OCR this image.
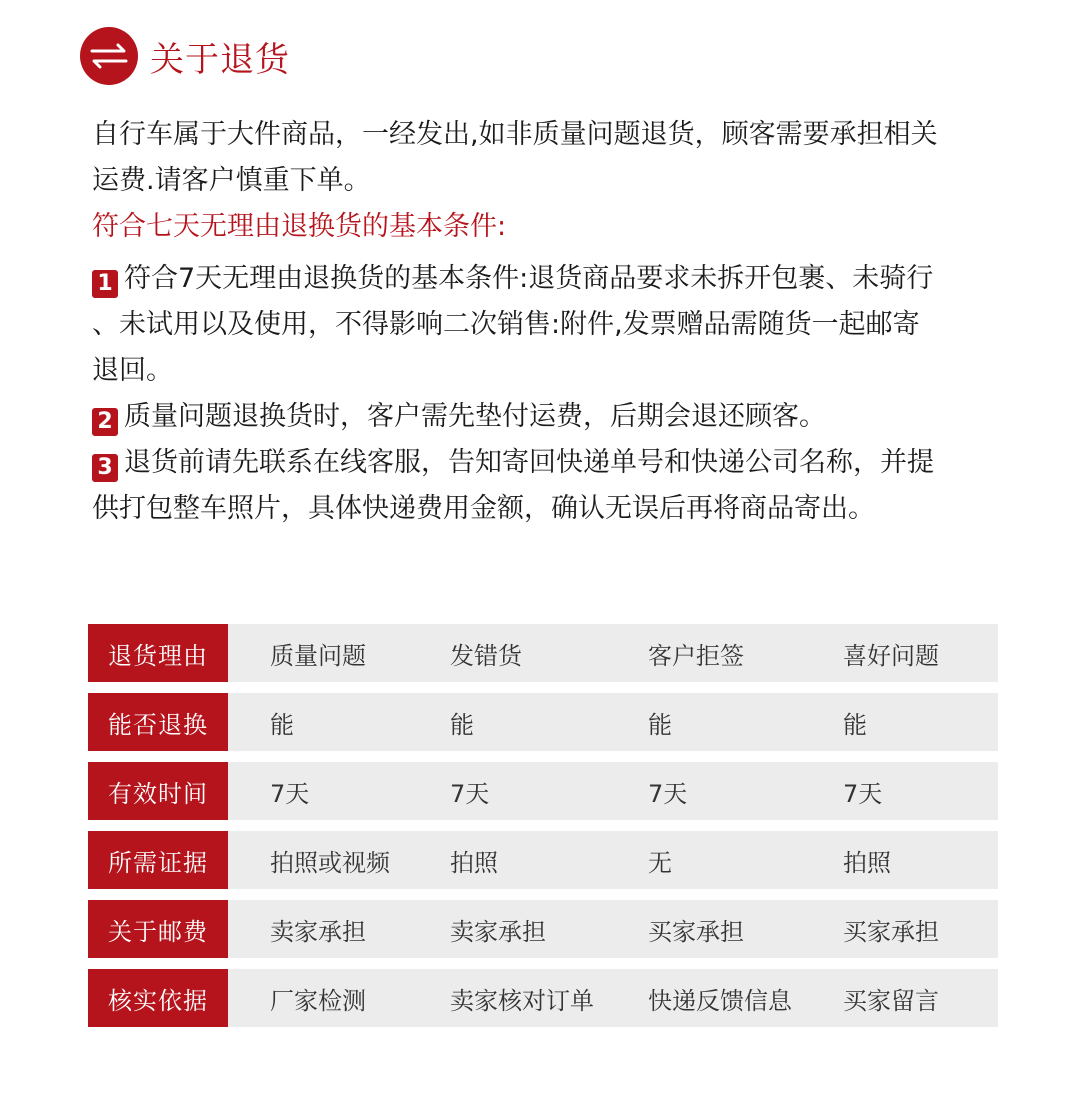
关于退货

自行车属于大件商品，一经发出,如非质量问题退货，顾客需要承担相关

运费.请客户慎重下单。

符合七天无理由退换货的基本条件:

1 符合7天无理由退换货的基本条件:退货商品要求未拆开包裹、未骑行

、未试用以及使用，不得影响二次销售:附件,发票赠品需随货一起邮寄

退回。

2 质量问题退换货时，客户需先垫付运费，后期会退还顾客。

3 退货前请先联系在线客服，告知寄回快递单号和快递公司名称，并提

供打包整车照片，具体快递费用金额，确认无误后再将商品寄出。

退货理由	质量问题	发错货	客户拒签	喜好问题
能否退换	能	能	能	能
有效时间	7天	7天	7天	7天
所需证据	拍照或视频	拍照	无	拍照
关于邮费	卖家承担	卖家承担	买家承担	买家承担
核实依据	厂家检测	卖家核对订单	快递反馈信息	买家留言
